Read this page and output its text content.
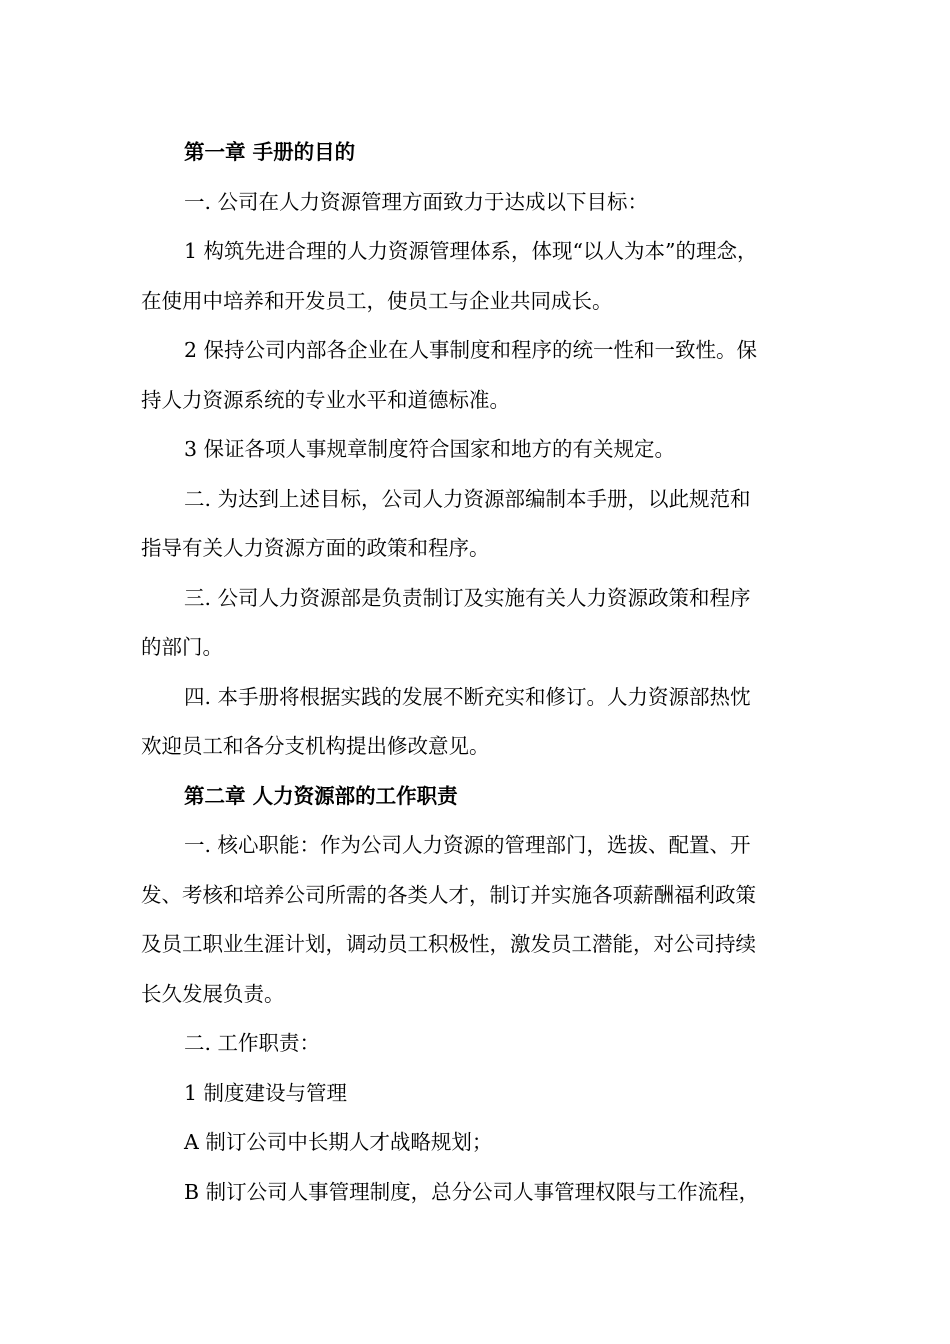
第一章 手册的目的
一. 公司在人力资源管理方面致力于达成以下目标：
1 构筑先进合理的人力资源管理体系，体现“以人为本”的理念，
在使用中培养和开发员工，使员工与企业共同成长。
2 保持公司内部各企业在人事制度和程序的统一性和一致性。保
持人力资源系统的专业水平和道德标准。
3 保证各项人事规章制度符合国家和地方的有关规定。
二. 为达到上述目标，公司人力资源部编制本手册，以此规范和
指导有关人力资源方面的政策和程序。
三. 公司人力资源部是负责制订及实施有关人力资源政策和程序
的部门。
四. 本手册将根据实践的发展不断充实和修订。人力资源部热忱
欢迎员工和各分支机构提出修改意见。
第二章 人力资源部的工作职责
一. 核心职能：作为公司人力资源的管理部门，选拔、配置、开
发、考核和培养公司所需的各类人才，制订并实施各项薪酬福利政策
及员工职业生涯计划，调动员工积极性，激发员工潜能，对公司持续
长久发展负责。
二. 工作职责：
1 制度建设与管理
A 制订公司中长期人才战略规划；
B 制订公司人事管理制度，总分公司人事管理权限与工作流程，
